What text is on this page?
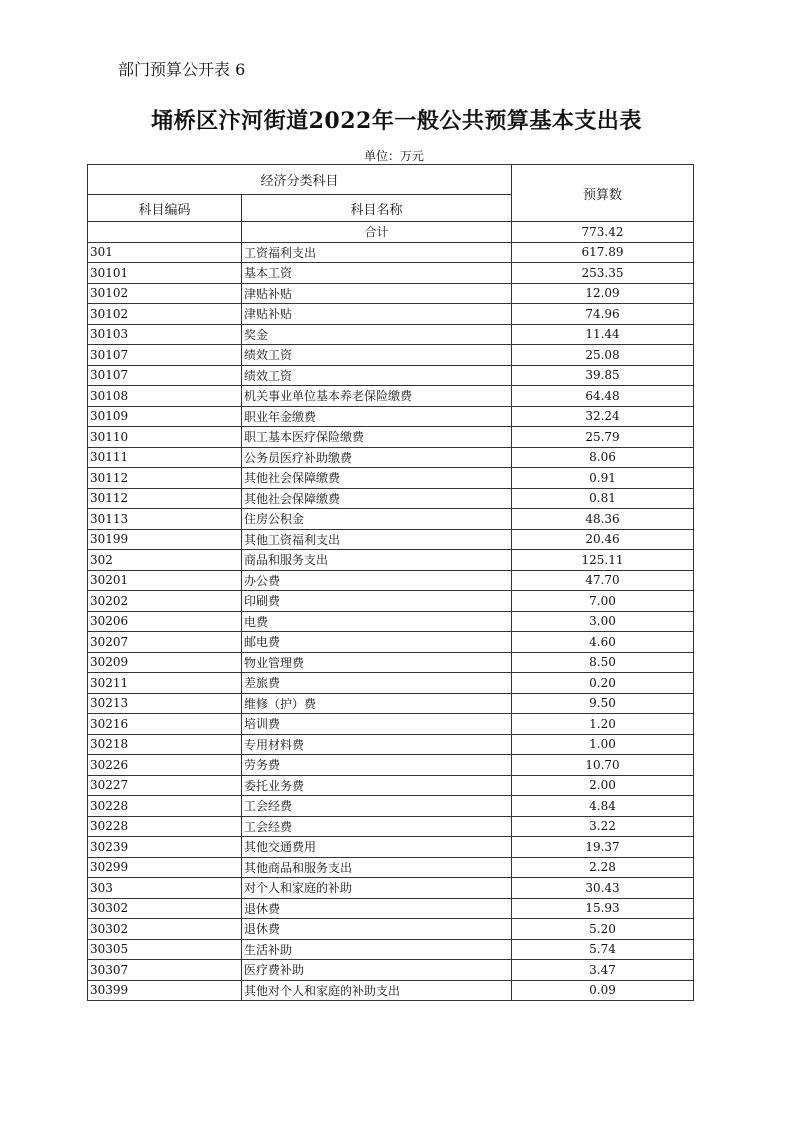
部门预算公开表 6
埇桥区汴河街道2022年一般公共预算基本支出表
单位：万元
经济分类科目		预算数
科目编码	科目名称	
	合计	773.42
301	工资福利支出	617.89
30101	基本工资	253.35
30102	津贴补贴	12.09
30102	津贴补贴	74.96
30103	奖金	11.44
30107	绩效工资	25.08
30107	绩效工资	39.85
30108	机关事业单位基本养老保险缴费	64.48
30109	职业年金缴费	32.24
30110	职工基本医疗保险缴费	25.79
30111	公务员医疗补助缴费	8.06
30112	其他社会保障缴费	0.91
30112	其他社会保障缴费	0.81
30113	住房公积金	48.36
30199	其他工资福利支出	20.46
302	商品和服务支出	125.11
30201	办公费	47.70
30202	印刷费	7.00
30206	电费	3.00
30207	邮电费	4.60
30209	物业管理费	8.50
30211	差旅费	0.20
30213	维修（护）费	9.50
30216	培训费	1.20
30218	专用材料费	1.00
30226	劳务费	10.70
30227	委托业务费	2.00
30228	工会经费	4.84
30228	工会经费	3.22
30239	其他交通费用	19.37
30299	其他商品和服务支出	2.28
303	对个人和家庭的补助	30.43
30302	退休费	15.93
30302	退休费	5.20
30305	生活补助	5.74
30307	医疗费补助	3.47
30399	其他对个人和家庭的补助支出	0.09
